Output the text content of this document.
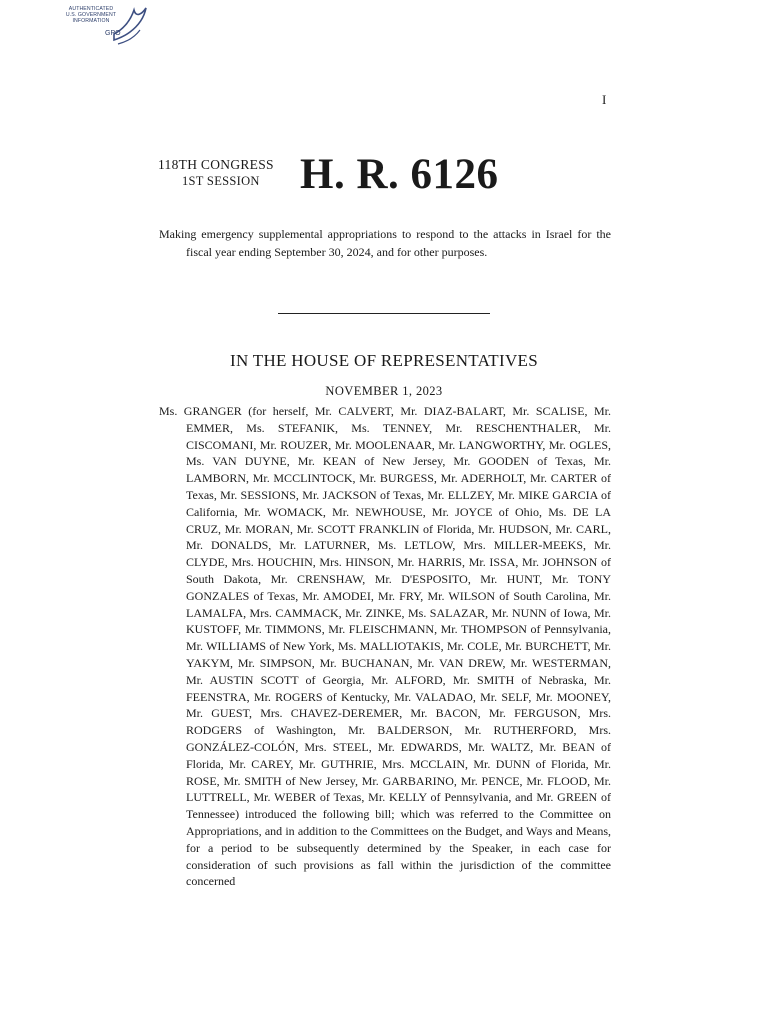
AUTHENTICATED
U.S. GOVERNMENT
INFORMATION
GPO
I
118TH CONGRESS
1ST SESSION H. R. 6126

Making emergency supplemental appropriations to respond to the attacks in Israel for the fiscal year ending September 30, 2024, and for other purposes.

IN THE HOUSE OF REPRESENTATIVES
NOVEMBER 1, 2023

Ms. GRANGER (for herself, Mr. CALVERT, Mr. DIAZ-BALART, Mr. SCALISE, Mr. EMMER, Ms. STEFANIK, Ms. TENNEY, Mr. RESCHENTHALER, Mr. CISCOMANI, Mr. ROUZER, Mr. MOOLENAAR, Mr. LANGWORTHY, Mr. OGLES, Ms. VAN DUYNE, Mr. KEAN of New Jersey, Mr. GOODEN of Texas, Mr. LAMBORN, Mr. MCCLINTOCK, Mr. BURGESS, Mr. ADERHOLT, Mr. CARTER of Texas, Mr. SESSIONS, Mr. JACKSON of Texas, Mr. ELLZEY, Mr. MIKE GARCIA of California, Mr. WOMACK, Mr. NEWHOUSE, Mr. JOYCE of Ohio, Ms. DE LA CRUZ, Mr. MORAN, Mr. SCOTT FRANKLIN of Florida, Mr. HUDSON, Mr. CARL, Mr. DONALDS, Mr. LATURNER, Ms. LETLOW, Mrs. MILLER-MEEKS, Mr. CLYDE, Mrs. HOUCHIN, Mrs. HINSON, Mr. HARRIS, Mr. ISSA, Mr. JOHNSON of South Dakota, Mr. CRENSHAW, Mr. D'ESPOSITO, Mr. HUNT, Mr. TONY GONZALES of Texas, Mr. AMODEI, Mr. FRY, Mr. WILSON of South Carolina, Mr. LAMALFA, Mrs. CAMMACK, Mr. ZINKE, Ms. SALAZAR, Mr. NUNN of Iowa, Mr. KUSTOFF, Mr. TIMMONS, Mr. FLEISCHMANN, Mr. THOMPSON of Pennsylvania, Mr. WILLIAMS of New York, Ms. MALLIOTAKIS, Mr. COLE, Mr. BURCHETT, Mr. YAKYM, Mr. SIMPSON, Mr. BUCHANAN, Mr. VAN DREW, Mr. WESTERMAN, Mr. AUSTIN SCOTT of Georgia, Mr. ALFORD, Mr. SMITH of Nebraska, Mr. FEENSTRA, Mr. ROGERS of Kentucky, Mr. VALADAO, Mr. SELF, Mr. MOONEY, Mr. GUEST, Mrs. CHAVEZ-DEREMER, Mr. BACON, Mr. FERGUSON, Mrs. RODGERS of Washington, Mr. BALDERSON, Mr. RUTHERFORD, Mrs. GONZÁLEZ-COLÓN, Mrs. STEEL, Mr. EDWARDS, Mr. WALTZ, Mr. BEAN of Florida, Mr. CAREY, Mr. GUTHRIE, Mrs. MCCLAIN, Mr. DUNN of Florida, Mr. ROSE, Mr. SMITH of New Jersey, Mr. GARBARINO, Mr. PENCE, Mr. FLOOD, Mr. LUTTRELL, Mr. WEBER of Texas, Mr. KELLY of Pennsylvania, and Mr. GREEN of Tennessee) introduced the following bill; which was referred to the Committee on Appropriations, and in addition to the Committees on the Budget, and Ways and Means, for a period to be subsequently determined by the Speaker, in each case for consideration of such provisions as fall within the jurisdiction of the committee concerned
